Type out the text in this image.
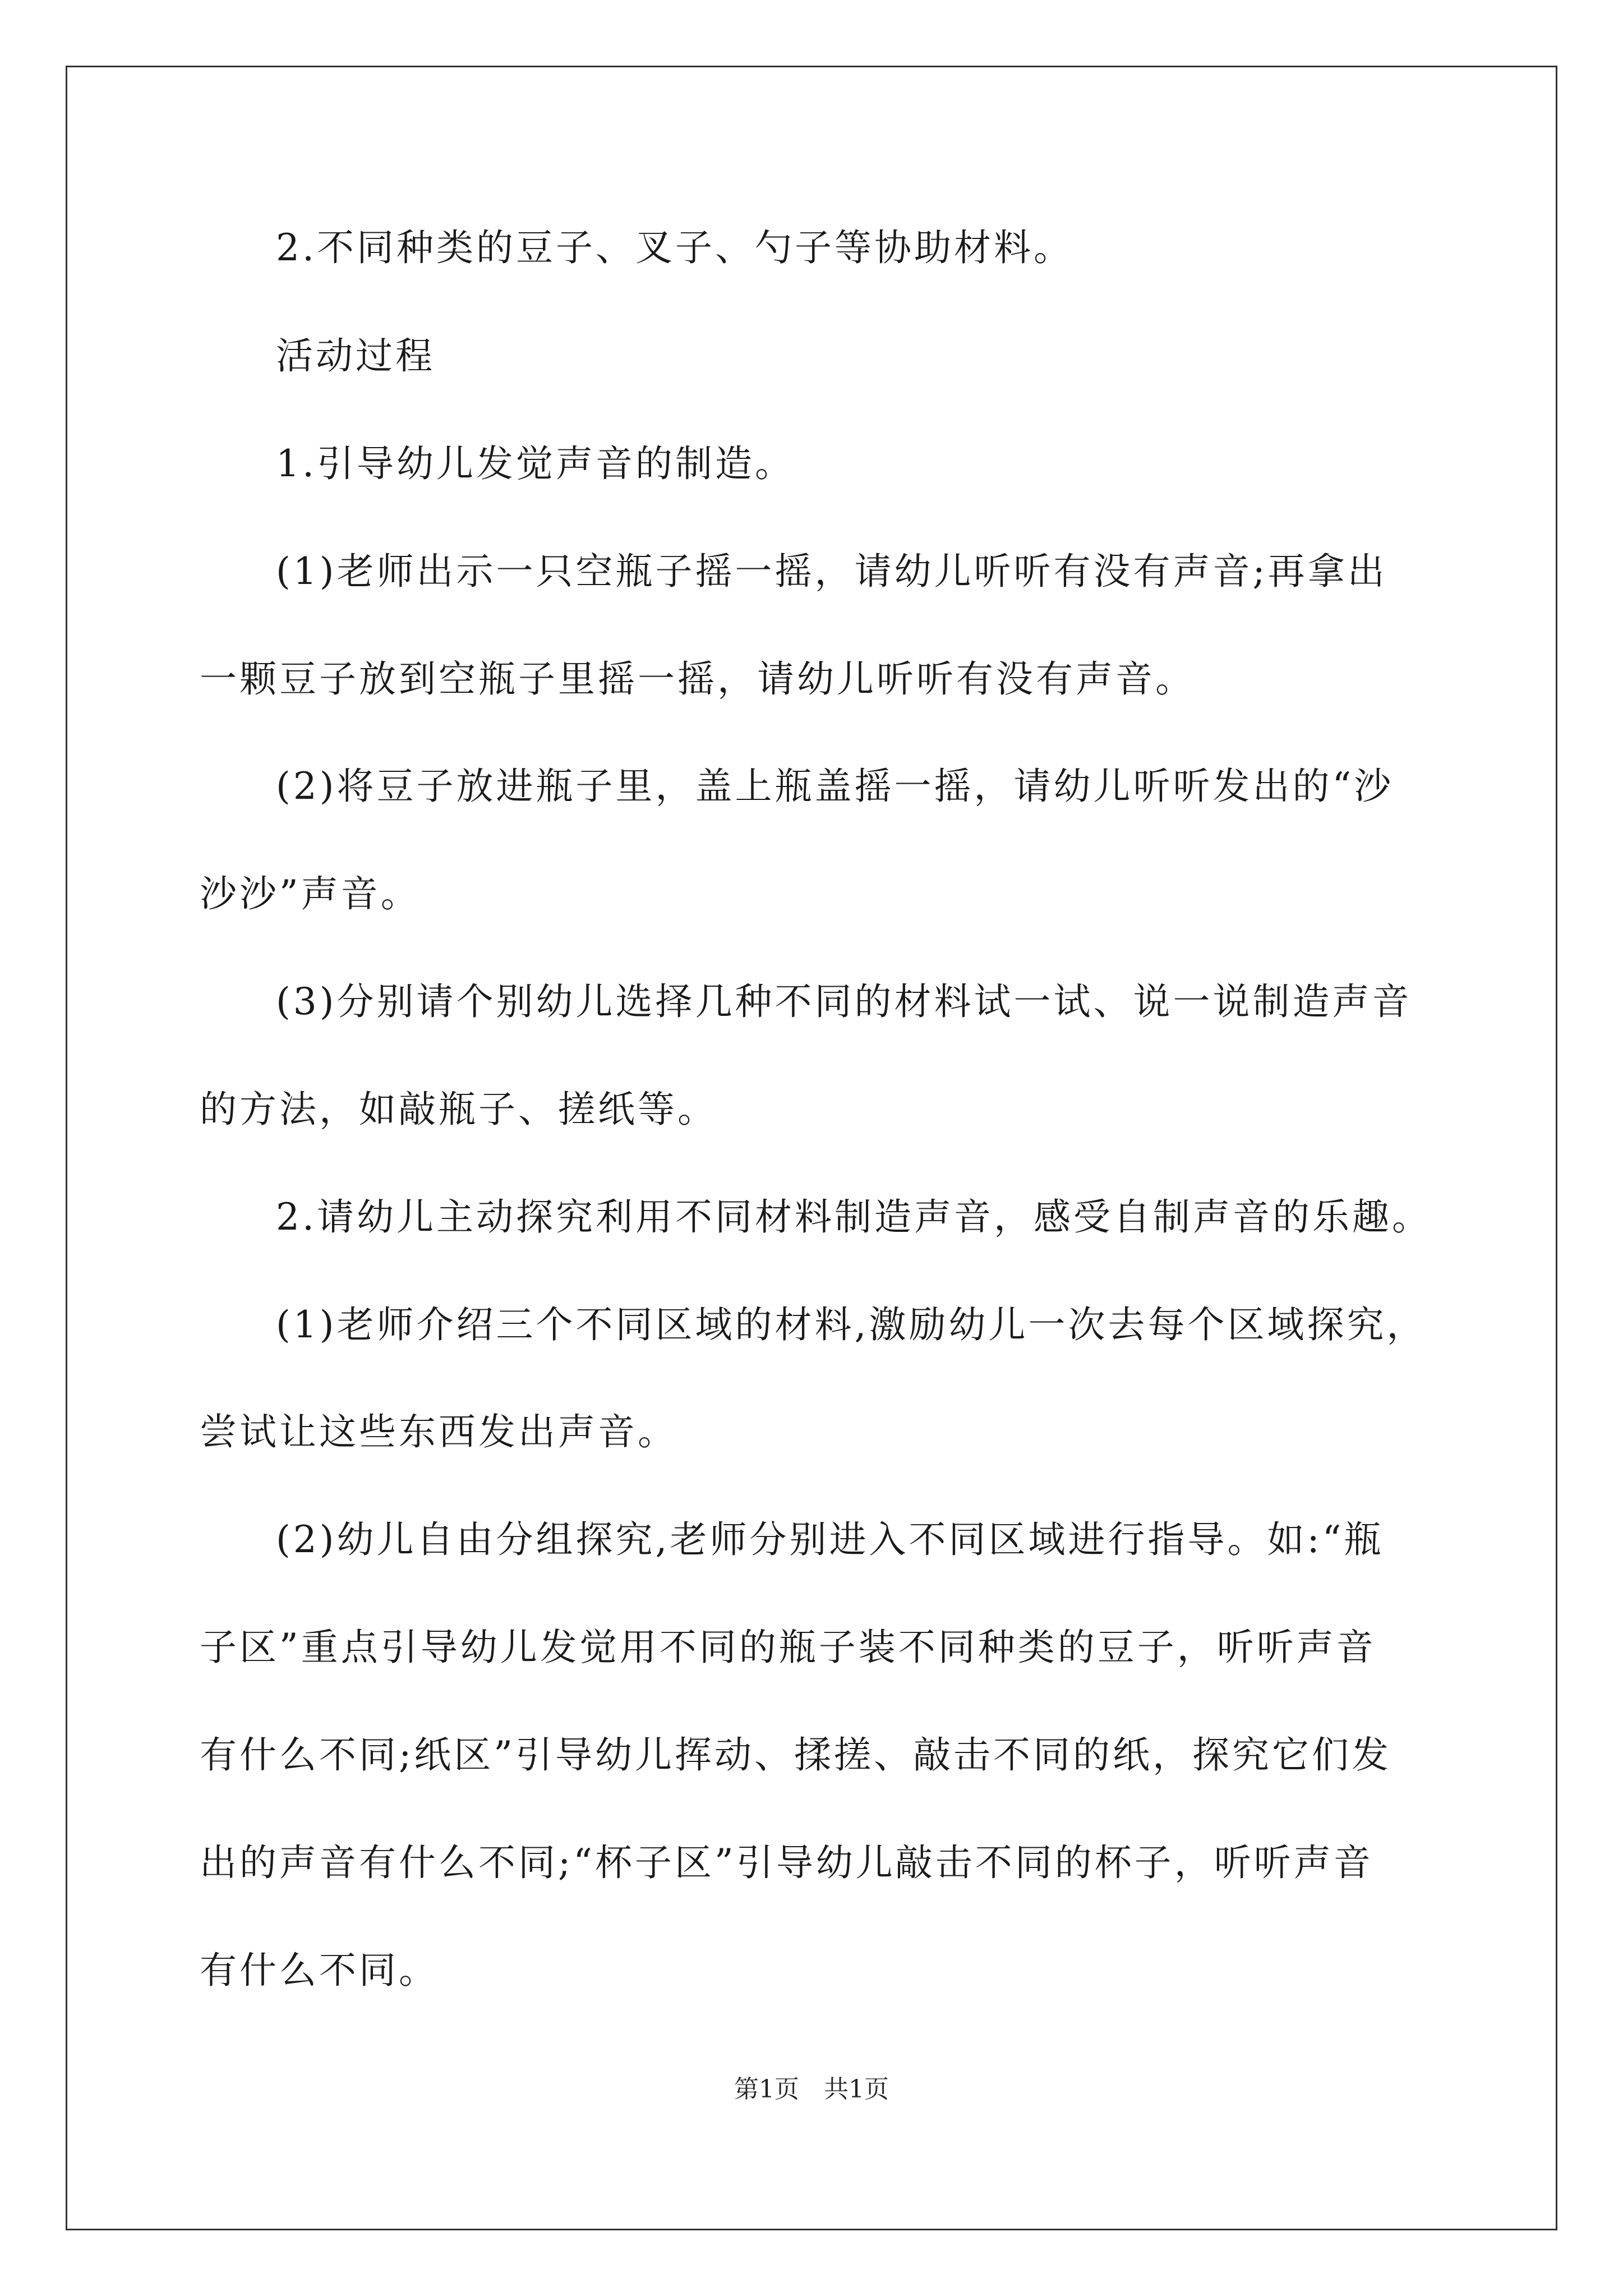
2.不同种类的豆子、叉子、勺子等协助材料。
活动过程
1.引导幼儿发觉声音的制造。
(1)老师出示一只空瓶子摇一摇，请幼儿听听有没有声音;再拿出
一颗豆子放到空瓶子里摇一摇，请幼儿听听有没有声音。
(2)将豆子放进瓶子里，盖上瓶盖摇一摇，请幼儿听听发出的“沙
沙沙”声音。
(3)分别请个别幼儿选择几种不同的材料试一试、说一说制造声音
的方法，如敲瓶子、搓纸等。
2.请幼儿主动探究利用不同材料制造声音，感受自制声音的乐趣。
(1)老师介绍三个不同区域的材料,激励幼儿一次去每个区域探究，
尝试让这些东西发出声音。
(2)幼儿自由分组探究,老师分别进入不同区域进行指导。如:“瓶
子区”重点引导幼儿发觉用不同的瓶子装不同种类的豆子，听听声音
有什么不同;纸区”引导幼儿挥动、揉搓、敲击不同的纸，探究它们发
出的声音有什么不同;“杯子区”引导幼儿敲击不同的杯子，听听声音
有什么不同。
第1页　共1页
